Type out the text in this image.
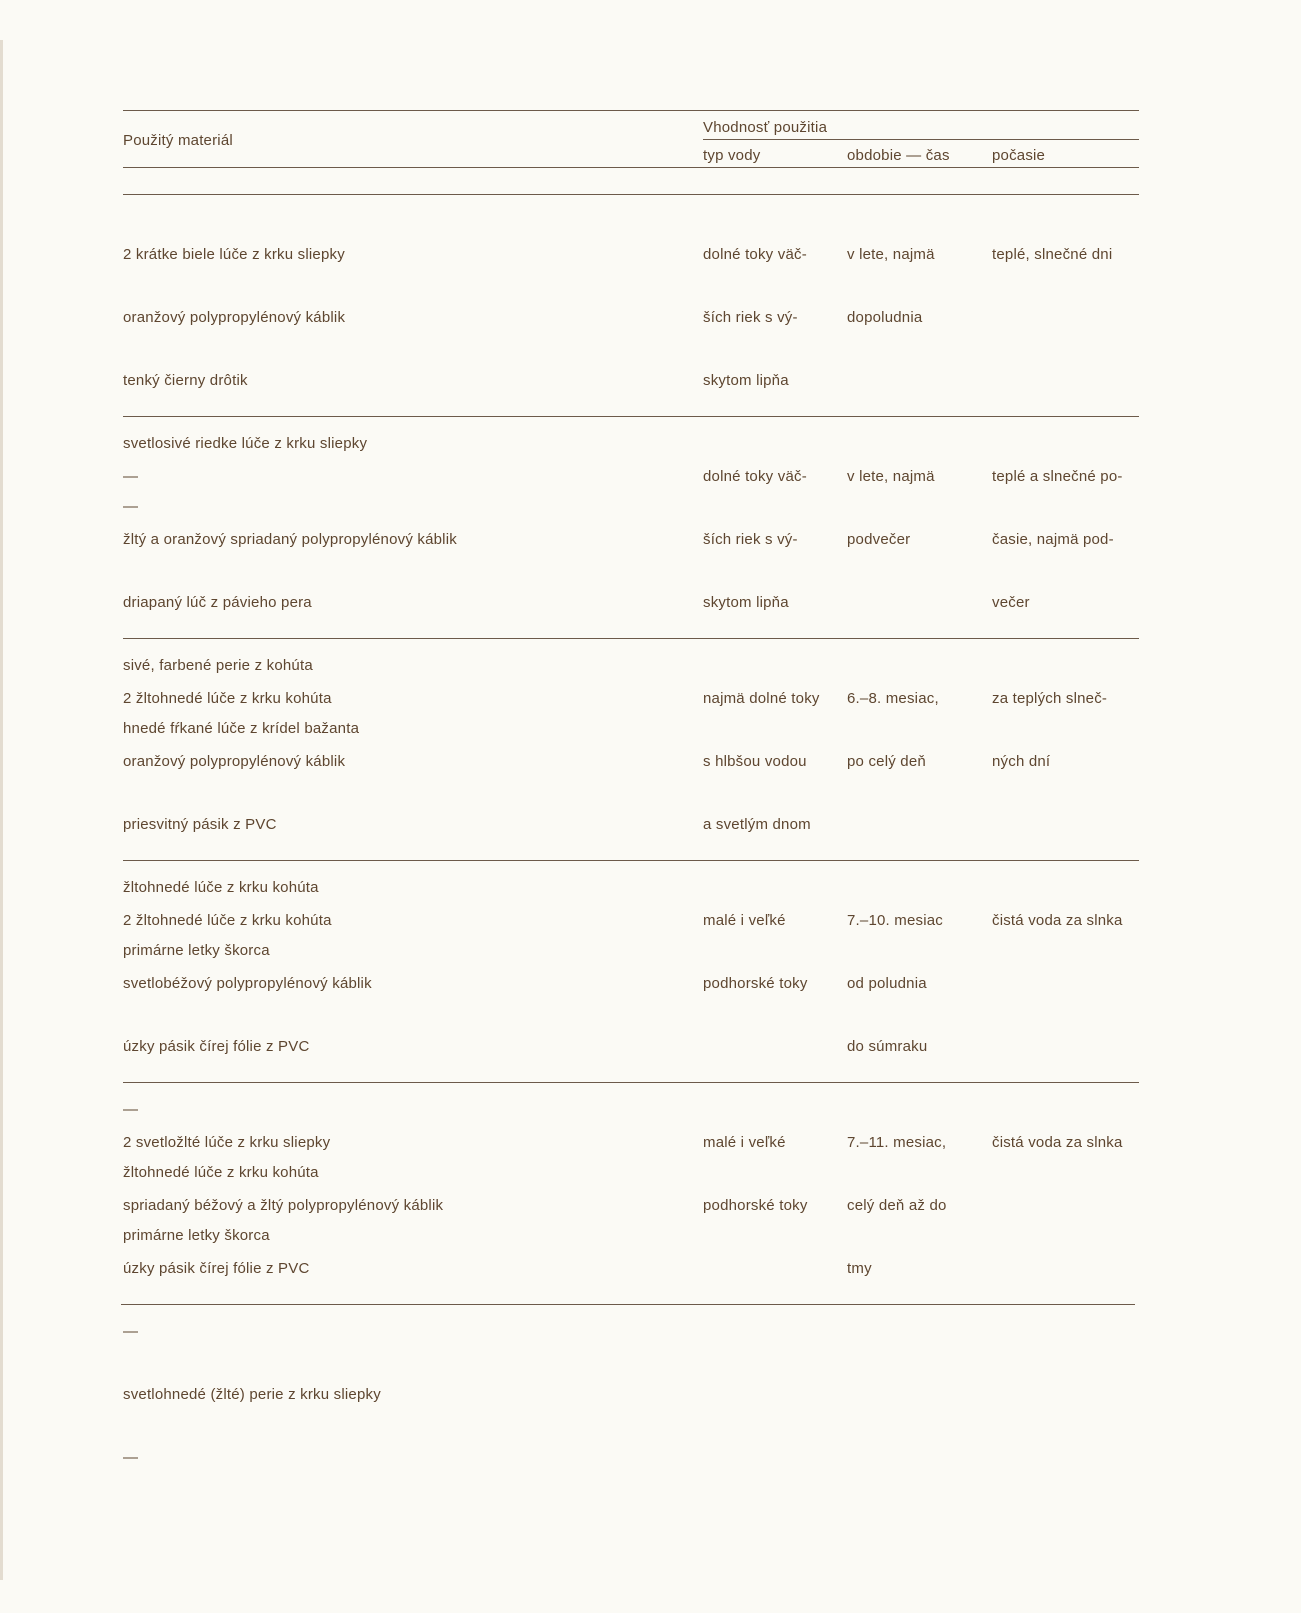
Použitý materiál
Vhodnosť použitia
typ vody	obdobie — čas	počasie

2 krátke biele lúče z krku sliepky

oranžový polypropylénový káblik

tenký čierny drôtik

svetlosivé riedke lúče z krku sliepky

—

dolné toky väč-

ších riek s vý-

skytom lipňa

v lete, najmä

dopoludnia

teplé, slnečné dni

—

žltý a oranžový spriadaný polypropylénový káblik

driapaný lúč z pávieho pera

sivé, farbené perie z kohúta

hnedé fŕkané lúče z krídel bažanta

dolné toky väč-

ších riek s vý-

skytom lipňa

v lete, najmä

podvečer

teplé a slnečné po-

časie, najmä pod-

večer

2 žltohnedé lúče z krku kohúta

oranžový polypropylénový káblik

priesvitný pásik z PVC

žltohnedé lúče z krku kohúta

primárne letky škorca

najmä dolné toky

s hlbšou vodou

a svetlým dnom

6.–8. mesiac,

po celý deň

za teplých slneč-

ných dní

2 žltohnedé lúče z krku kohúta

svetlobéžový polypropylénový káblik

úzky pásik čírej fólie z PVC

—

žltohnedé lúče z krku kohúta

primárne letky škorca

malé i veľké

podhorské toky

7.–10. mesiac

od poludnia

do súmraku

čistá voda za slnka

2 svetložlté lúče z krku sliepky

spriadaný béžový a žltý polypropylénový káblik

úzky pásik čírej fólie z PVC

—

svetlohnedé (žlté) perie z krku sliepky

—

malé i veľké

podhorské toky

7.–11. mesiac,

celý deň až do

tmy

čistá voda za slnka
